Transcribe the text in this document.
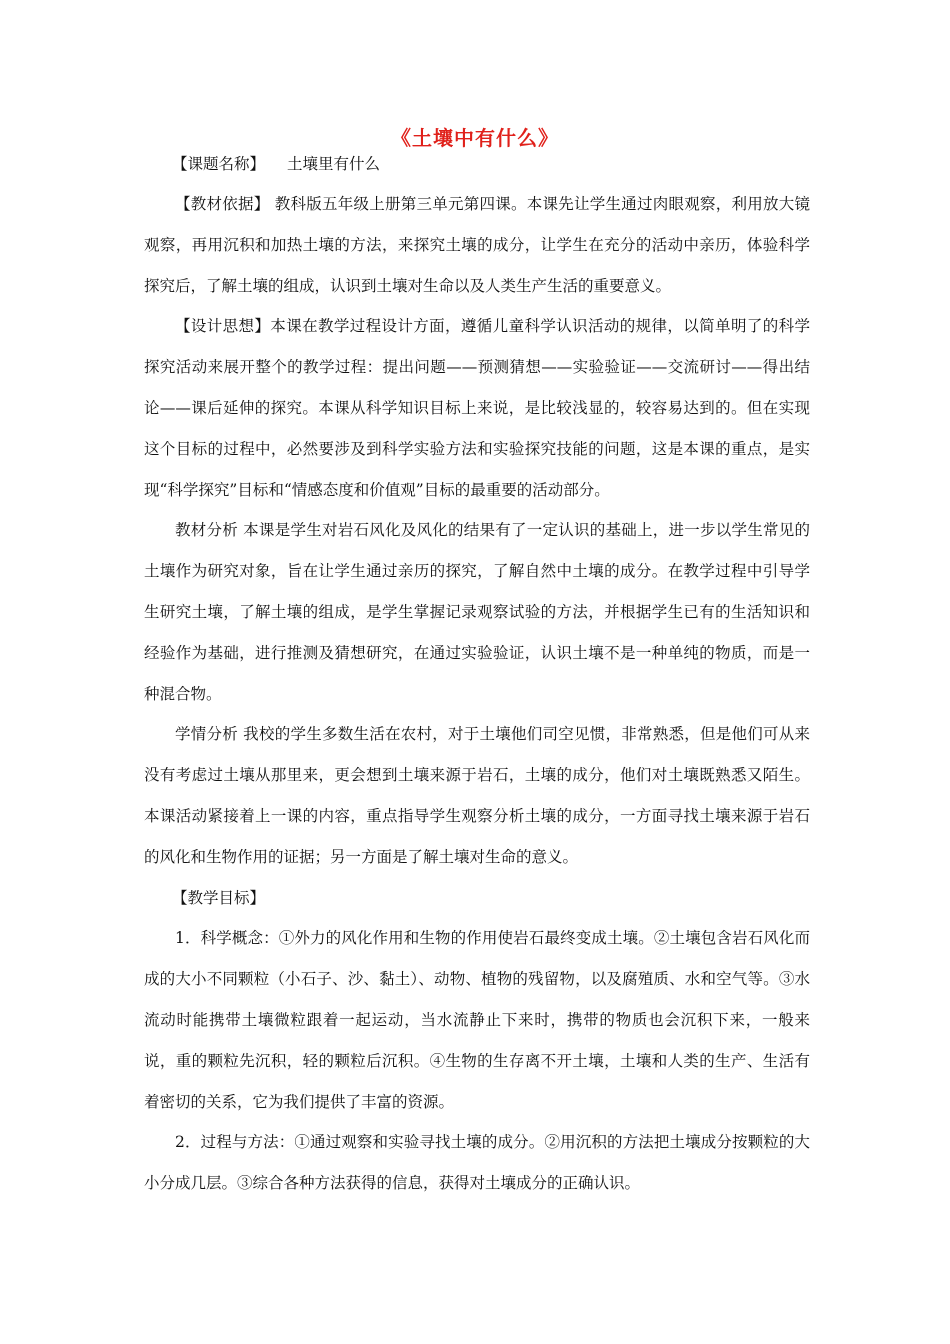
《土壤中有什么》
【课题名称】 土壤里有什么

【教材依据】 教科版五年级上册第三单元第四课。本课先让学生通过肉眼观察，利用放大镜观察，再用沉积和加热土壤的方法，来探究土壤的成分，让学生在充分的活动中亲历，体验科学探究后，了解土壤的组成，认识到土壤对生命以及人类生产生活的重要意义。

【设计思想】本课在教学过程设计方面，遵循儿童科学认识活动的规律，以简单明了的科学探究活动来展开整个的教学过程：提出问题——预测猜想——实验验证——交流研讨——得出结论——课后延伸的探究。本课从科学知识目标上来说，是比较浅显的，较容易达到的。但在实现这个目标的过程中，必然要涉及到科学实验方法和实验探究技能的问题，这是本课的重点，是实现“科学探究”目标和“情感态度和价值观”目标的最重要的活动部分。

教材分析 本课是学生对岩石风化及风化的结果有了一定认识的基础上，进一步以学生常见的土壤作为研究对象，旨在让学生通过亲历的探究，了解自然中土壤的成分。在教学过程中引导学生研究土壤，了解土壤的组成，是学生掌握记录观察试验的方法，并根据学生已有的生活知识和经验作为基础，进行推测及猜想研究，在通过实验验证，认识土壤不是一种单纯的物质，而是一种混合物。

学情分析 我校的学生多数生活在农村，对于土壤他们司空见惯，非常熟悉，但是他们可从来没有考虑过土壤从那里来，更会想到土壤来源于岩石，土壤的成分，他们对土壤既熟悉又陌生。本课活动紧接着上一课的内容，重点指导学生观察分析土壤的成分，一方面寻找土壤来源于岩石的风化和生物作用的证据；另一方面是了解土壤对生命的意义。

【教学目标】

1．科学概念：①外力的风化作用和生物的作用使岩石最终变成土壤。②土壤包含岩石风化而成的大小不同颗粒（小石子、沙、黏土）、动物、植物的残留物，以及腐殖质、水和空气等。③水流动时能携带土壤微粒跟着一起运动，当水流静止下来时，携带的物质也会沉积下来，一般来说，重的颗粒先沉积，轻的颗粒后沉积。④生物的生存离不开土壤，土壤和人类的生产、生活有着密切的关系，它为我们提供了丰富的资源。

2．过程与方法：①通过观察和实验寻找土壤的成分。②用沉积的方法把土壤成分按颗粒的大小分成几层。③综合各种方法获得的信息，获得对土壤成分的正确认识。
